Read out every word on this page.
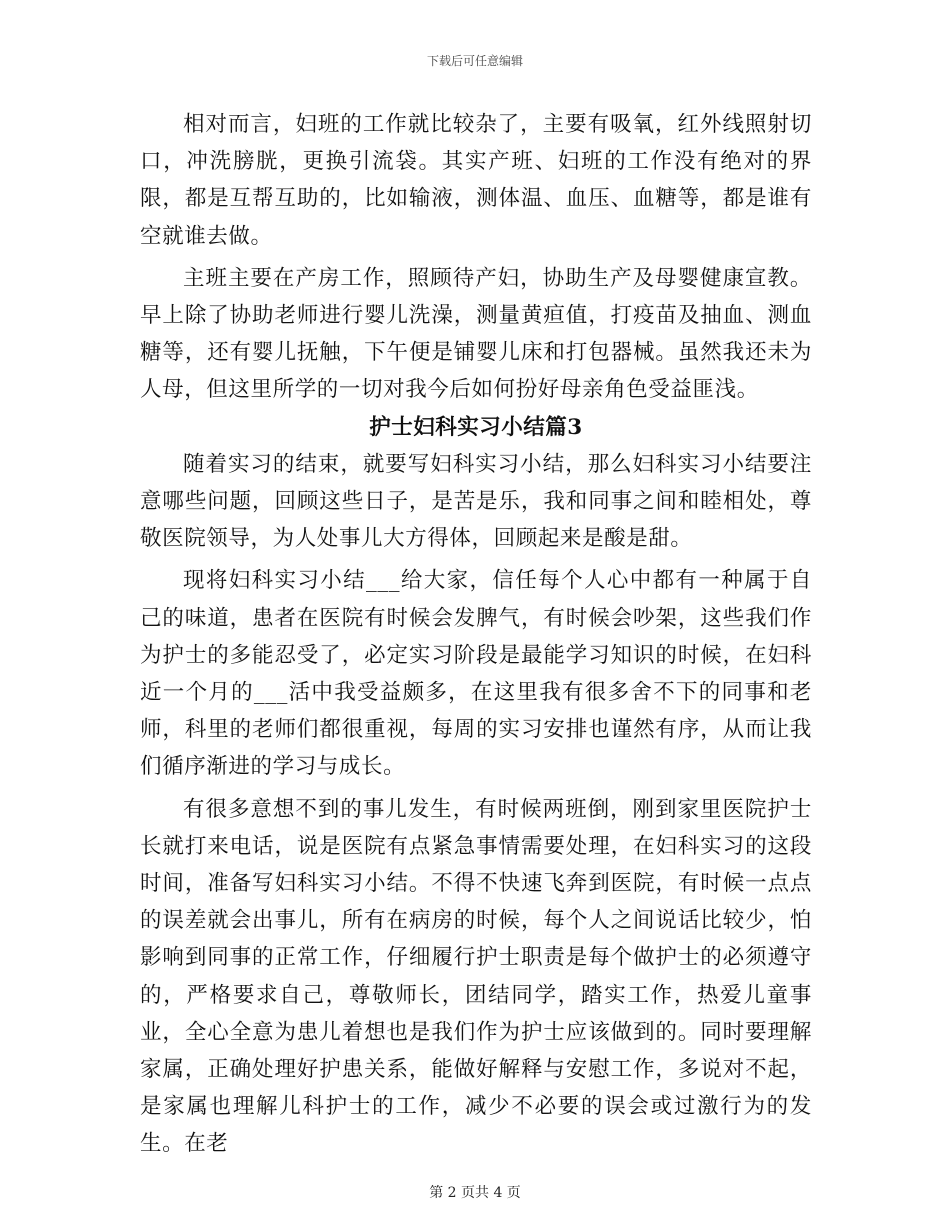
下载后可任意编辑

相对而言，妇班的工作就比较杂了，主要有吸氧，红外线照射切口，冲洗膀胱，更换引流袋。其实产班、妇班的工作没有绝对的界限，都是互帮互助的，比如输液，测体温、血压、血糖等，都是谁有空就谁去做。

主班主要在产房工作，照顾待产妇，协助生产及母婴健康宣教。早上除了协助老师进行婴儿洗澡，测量黄疸值，打疫苗及抽血、测血糖等，还有婴儿抚触，下午便是铺婴儿床和打包器械。虽然我还未为人母，但这里所学的一切对我今后如何扮好母亲角色受益匪浅。

护士妇科实习小结篇3

随着实习的结束，就要写妇科实习小结，那么妇科实习小结要注意哪些问题，回顾这些日子，是苦是乐，我和同事之间和睦相处，尊敬医院领导，为人处事儿大方得体，回顾起来是酸是甜。

现将妇科实习小结___给大家，信任每个人心中都有一种属于自己的味道，患者在医院有时候会发脾气，有时候会吵架，这些我们作为护士的多能忍受了，必定实习阶段是最能学习知识的时候，在妇科近一个月的___活中我受益颇多，在这里我有很多舍不下的同事和老师，科里的老师们都很重视，每周的实习安排也谨然有序，从而让我们循序渐进的学习与成长。

有很多意想不到的事儿发生，有时候两班倒，刚到家里医院护士长就打来电话，说是医院有点紧急事情需要处理，在妇科实习的这段时间，准备写妇科实习小结。不得不快速飞奔到医院，有时候一点点的误差就会出事儿，所有在病房的时候，每个人之间说话比较少，怕影响到同事的正常工作，仔细履行护士职责是每个做护士的必须遵守的，严格要求自己，尊敬师长，团结同学，踏实工作，热爱儿童事业，全心全意为患儿着想也是我们作为护士应该做到的。同时要理解家属，正确处理好护患关系，能做好解释与安慰工作，多说对不起，是家属也理解儿科护士的工作，减少不必要的误会或过激行为的发生。在老

第 2 页共 4 页
